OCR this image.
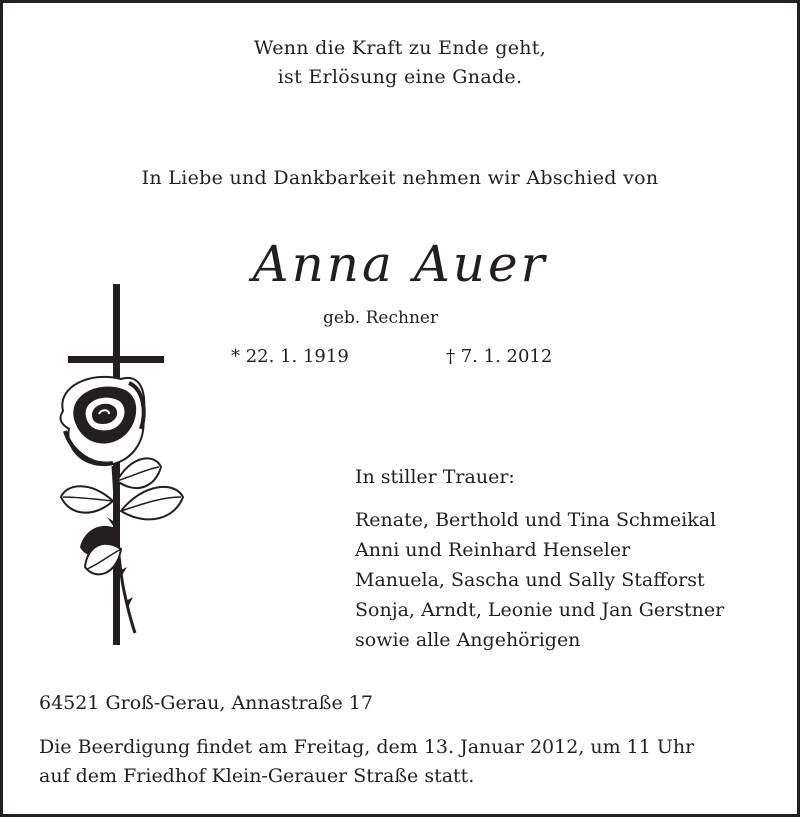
Wenn die Kraft zu Ende geht,
ist Erlösung eine Gnade.
In Liebe und Dankbarkeit nehmen wir Abschied von
Anna Auer
geb. Rechner
* 22. 1. 1919	† 7. 1. 2012
In stiller Trauer:
Renate, Berthold und Tina Schmeikal
Anni und Reinhard Henseler
Manuela, Sascha und Sally Stafforst
Sonja, Arndt, Leonie und Jan Gerstner
sowie alle Angehörigen
64521 Groß-Gerau, Annastraße 17
Die Beerdigung findet am Freitag, dem 13. Januar 2012, um 11 Uhr
auf dem Friedhof Klein-Gerauer Straße statt.
